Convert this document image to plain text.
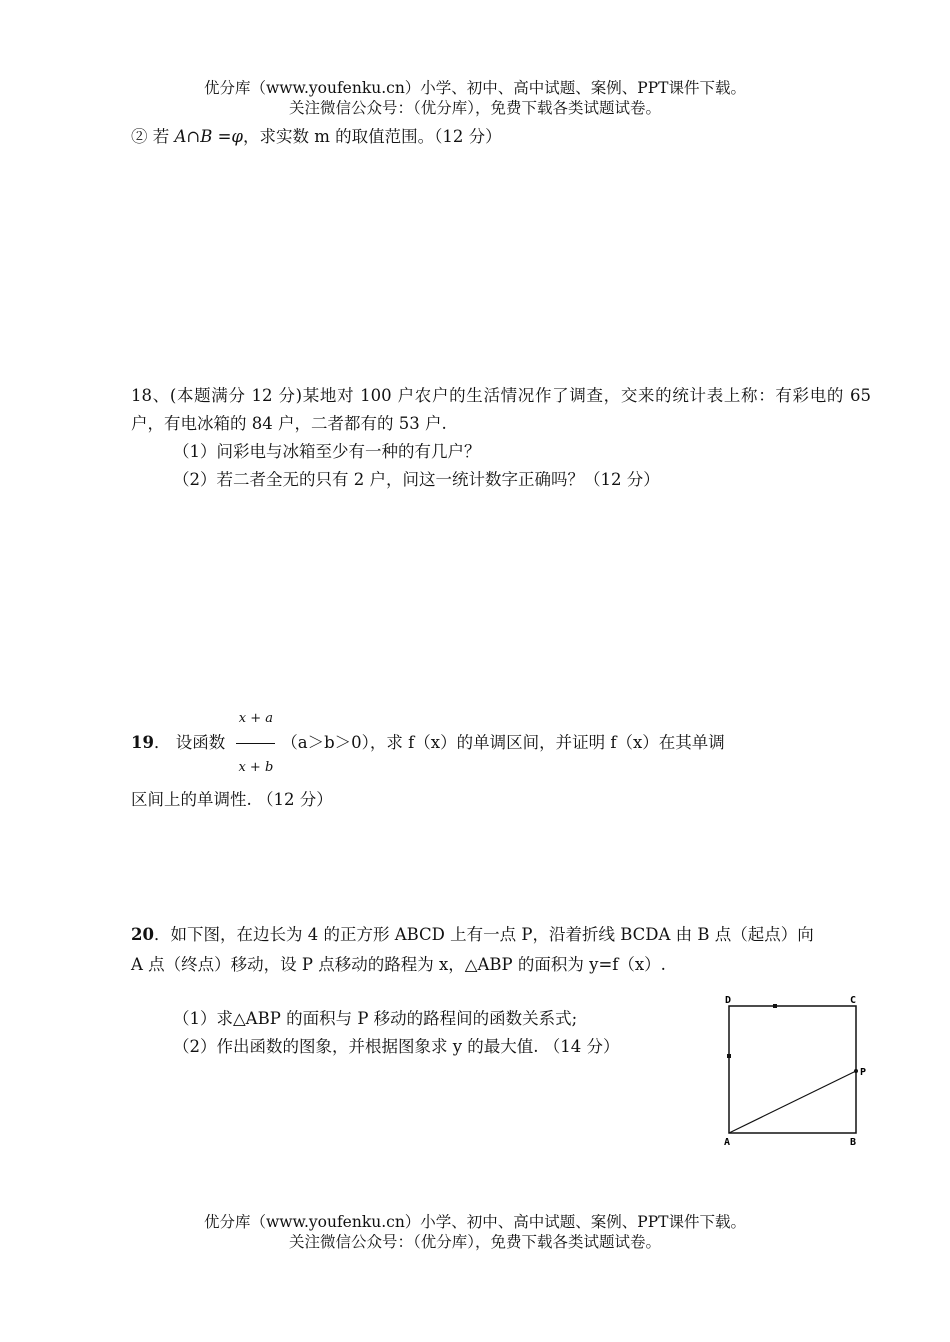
优分库（www.youfenku.cn）小学、初中、高中试题、案例、PPT课件下载。
关注微信公众号：（优分库），免费下载各类试题试卷。
② 若 A∩B =φ，求实数 m 的取值范围。（12 分）
18、(本题满分 12 分)某地对 100 户农户的生活情况作了调查，交来的统计表上称：有彩电的 65 户，有电冰箱的 84 户，二者都有的 53 户.
（1）问彩电与冰箱至少有一种的有几户？
（2）若二者全无的只有 2 户，问这一统计数字正确吗？（12 分）
19． 设函数 $\frac{x + a}{x + b} (a>b>0)$，求 f（x）的单调区间，并证明 f（x）在其单调
区间上的单调性. （12 分）
20．如下图，在边长为 4 的正方形 ABCD 上有一点 P，沿着折线 BCDA 由 B 点（起点）向
A 点（终点）移动，设 P 点移动的路程为 x，△ABP 的面积为 y=f（x）.
（1）求△ABP 的面积与 P 移动的路程间的函数关系式;
（2）作出函数的图象，并根据图象求 y 的最大值. （14 分）
D	C
A	B
P
优分库（www.youfenku.cn）小学、初中、高中试题、案例、PPT课件下载。
关注微信公众号：（优分库），免费下载各类试题试卷。
